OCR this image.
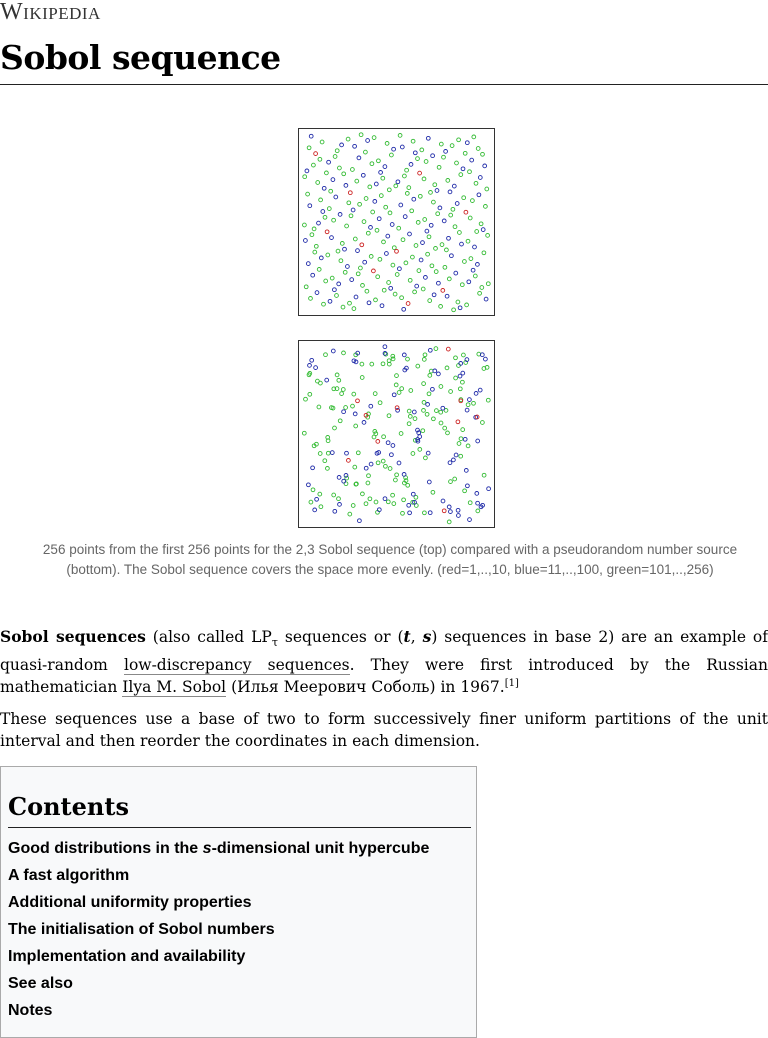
Wikipedia
Sobol sequence
256 points from the first 256 points for the 2,3 Sobol sequence (top) compared with a pseudorandom number source (bottom). The Sobol sequence covers the space more evenly. (red=1,..,10, blue=11,..,100, green=101,..,256)
Sobol sequences (also called $LP_\tau$ sequences or (t, s) sequences in base 2) are an example of quasi-random low-discrepancy sequences. They were first introduced by the Russian mathematician Ilya M. Sobol (Илья Меерович Соболь) in 1967.[1]
These sequences use a base of two to form successively finer uniform partitions of the unit interval and then reorder the coordinates in each dimension.
Contents
Good distributions in the s-dimensional unit hypercube
A fast algorithm
Additional uniformity properties
The initialisation of Sobol numbers
Implementation and availability
See also
Notes
